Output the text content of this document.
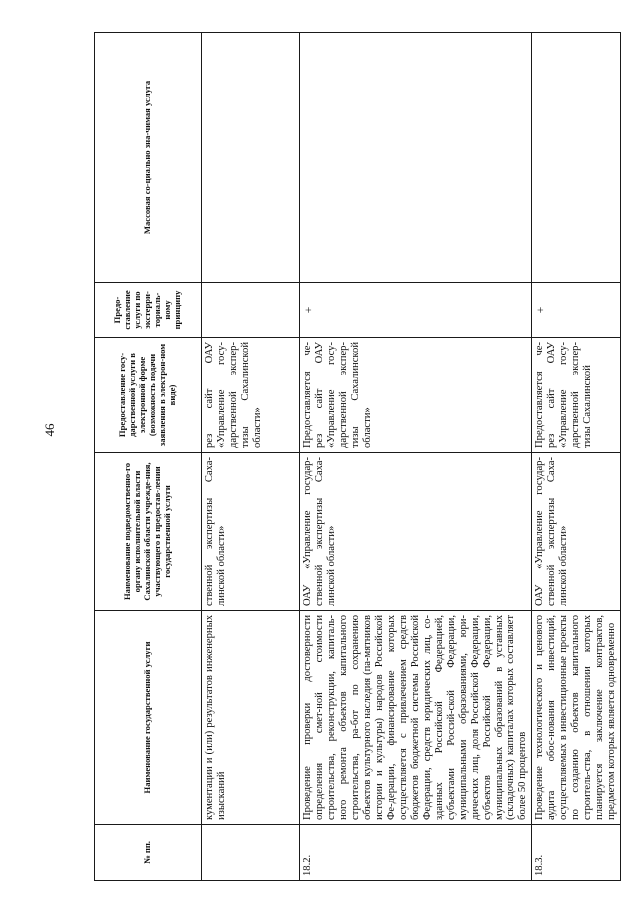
46
№ пп.	Наименование государственной услуги	Наименование подведомственно-го органу исполнительной власти Сахалинской области учрежде-ния, участвующего в предостав-лении государственной услуги	Предоставление госу-дарственной услуги в электронной форме (возможность подачи заявления в электрон-ном виде)	Предо-ставление услуги по экстерри-ториаль-ному принципу	Массовая со-циально зна-чимая услуга
	кументации и (или) результатов инженерных изысканий	ственной экспертизы Саха-линской области»	рез сайт ОАУ «Управление госу-дарственной экспер-тизы Сахалинской области»		
18.2.	Проведение проверки достоверности определения смет-ной стоимости строительства, реконструкции, капиталь-ного ремонта объектов капитального строительства, ра-бот по сохранению объектов культурного наследия (па-мятников истории и культуры) народов Российской Фе-дерации, финансирование которых осуществляется с привлечением средств бюджетов бюджетной системы Российской Федерации, средств юридических лиц, со-зданных Российской Федерацией, субъектами Россий-ской Федерации, муниципальными образованиями, юри-дических лиц, доля Российской Федерации, субъектов Российской Федерации, муниципальных образований в уставных (складочных) капиталах которых составляет более 50 процентов	ОАУ «Управление государ-ственной экспертизы Саха-линской области»	Предоставляется че-рез сайт ОАУ «Управление госу-дарственной экспер-тизы Сахалинской области»	+	
18.3.	Проведение технологического и ценового аудита обос-нования инвестиций, осуществляемых в инвестиционные проекты по созданию объектов капитального строитель-ства, в отношении которых планируется заключение контрактов, предметом которых является одновременно	ОАУ «Управление государ-ственной экспертизы Саха-линской области»	Предоставляется че-рез сайт ОАУ «Управление госу-дарственной экспер-тизы Сахалинской	+	
